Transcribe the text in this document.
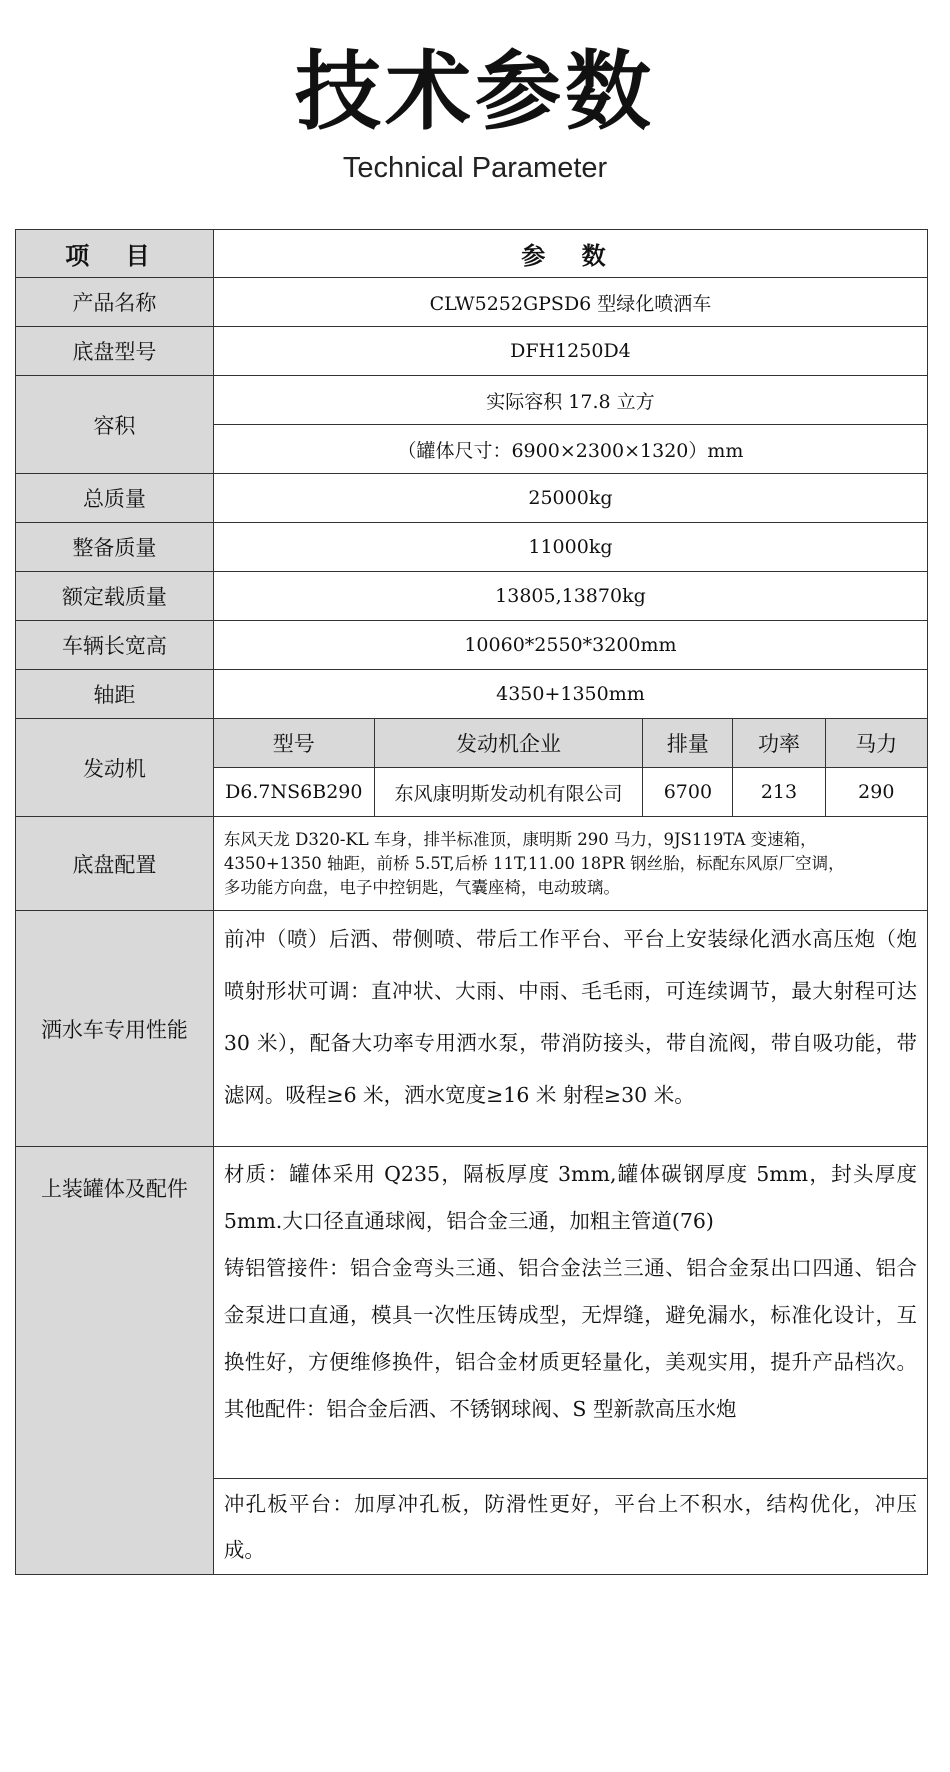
技术参数
Technical Parameter
项 目	参 数				
产品名称	CLW5252GPSD6 型绿化喷洒车				
底盘型号	DFH1250D4				
容积	实际容积 17.8 立方				
	（罐体尺寸：6900×2300×1320）mm				
总质量	25000kg				
整备质量	11000kg				
额定载质量	13805,13870kg				
车辆长宽高	10060*2550*3200mm				
轴距	4350+1350mm				
发动机	型号	发动机企业	排量	功率	马力
	D6.7NS6B290	东风康明斯发动机有限公司	6700	213	290
底盘配置	东风天龙 D320-KL 车身，排半标准顶，康明斯 290 马力，9JS119TA 变速箱，
4350+1350 轴距，前桥 5.5T,后桥 11T,11.00 18PR 钢丝胎，标配东风原厂空调，
多功能方向盘，电子中控钥匙，气囊座椅，电动玻璃。				

洒水车专用性能	前冲（喷）后洒、带侧喷、带后工作平台、平台上安装绿化洒水高压炮（炮喷射形状可调：直冲状、大雨、中雨、毛毛雨，可连续调节，最大射程可达 30 米），配备大功率专用洒水泵，带消防接头，带自流阀，带自吸功能，带滤网。吸程≥6 米，洒水宽度≥16 米 射程≥30 米。				
上装罐体及配件	材质：罐体采用 Q235，隔板厚度 3mm,罐体碳钢厚度 5mm，封头厚度 5mm.大口径直通球阀，铝合金三通，加粗主管道(76)
铸铝管接件：铝合金弯头三通、铝合金法兰三通、铝合金泵出口四通、铝合金泵进口直通，模具一次性压铸成型，无焊缝，避免漏水，标准化设计，互换性好，方便维修换件，铝合金材质更轻量化，美观实用，提升产品档次。其他配件：铝合金后洒、不锈钢球阀、S 型新款高压水炮				

	冲孔板平台：加厚冲孔板，防滑性更好，平台上不积水，结构优化，冲压成。				
